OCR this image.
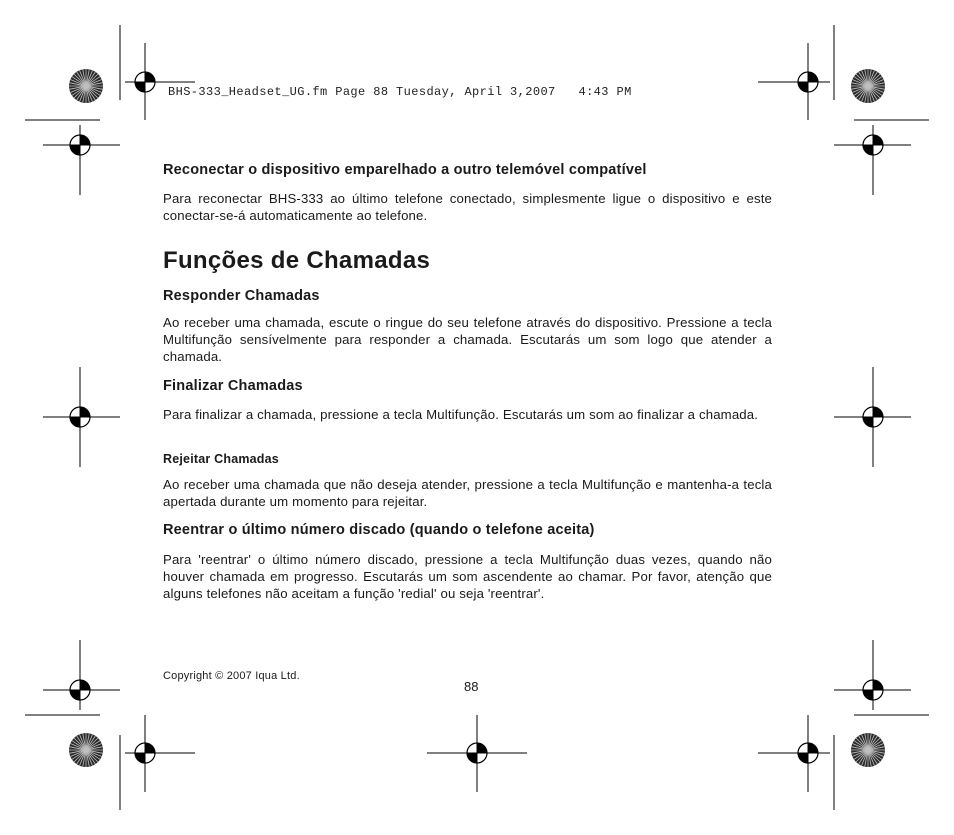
BHS-333_Headset_UG.fm Page 88 Tuesday, April 3,2007   4:43 PM
Reconectar o dispositivo emparelhado a outro telemóvel compatível

Para reconectar BHS-333 ao último telefone conectado, simplesmente ligue o dispositivo e este conectar-se-á automaticamente ao telefone.

Funções de Chamadas
Responder Chamadas

Ao receber uma chamada, escute o ringue do seu telefone através do dispositivo. Pressione a tecla Multifunção sensívelmente para responder a chamada. Escutarás um som logo que atender a chamada.

Finalizar Chamadas

Para finalizar a chamada, pressione a tecla Multifunção. Escutarás um som ao finalizar a chamada.

Rejeitar Chamadas

Ao receber uma chamada que não deseja atender, pressione a tecla Multifunção e mantenha-a tecla apertada durante um momento para rejeitar.

Reentrar o último número discado (quando o telefone aceita)

Para 'reentrar' o último número discado, pressione a tecla Multifunção duas vezes, quando não houver chamada em progresso. Escutarás um som ascendente ao chamar. Por favor, atenção que alguns telefones não aceitam a função 'redial' ou seja 'reentrar'.

Copyright © 2007 Iqua Ltd.
88
